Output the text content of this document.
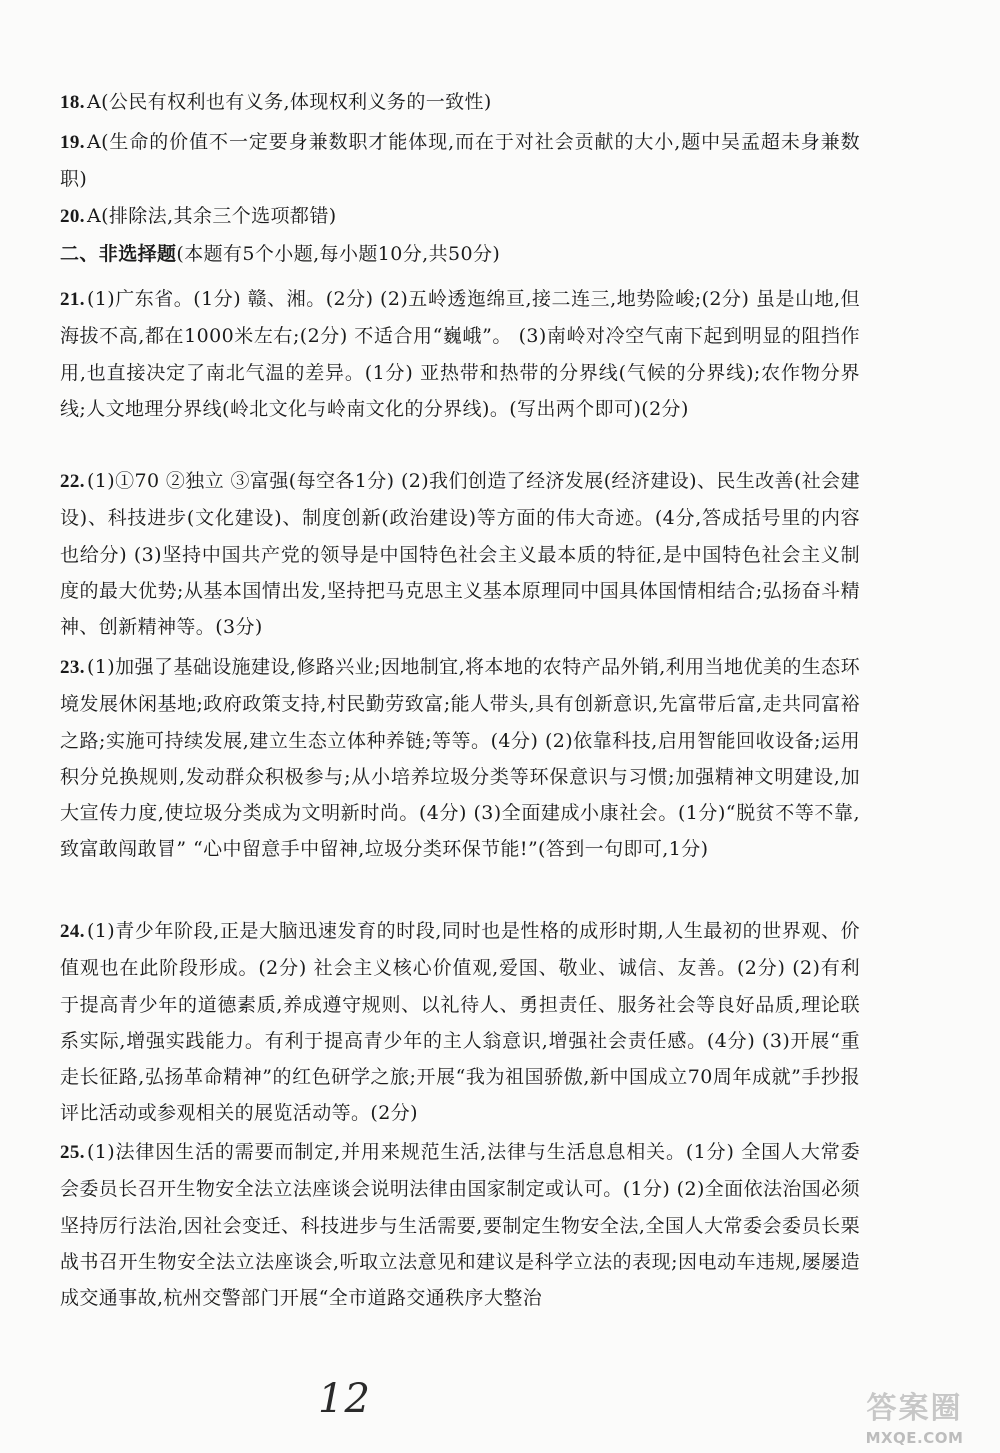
18. A(公民有权利也有义务,体现权利义务的一致性)
19. A(生命的价值不一定要身兼数职才能体现,而在于对社会贡献的大小,题中吴孟超未身兼数职)
20. A(排除法,其余三个选项都错)
二、非选择题(本题有5个小题,每小题10分,共50分)
21. (1)广东省。(1分) 赣、湘。(2分) (2)五岭透迤绵亘,接二连三,地势险峻;(2分) 虽是山地,但海拔不高,都在1000米左右;(2分) 不适合用“巍峨”。 (3)南岭对冷空气南下起到明显的阻挡作用,也直接决定了南北气温的差异。(1分) 亚热带和热带的分界线(气候的分界线);农作物分界线;人文地理分界线(岭北文化与岭南文化的分界线)。(写出两个即可)(2分)
22. (1)①70 ②独立 ③富强(每空各1分) (2)我们创造了经济发展(经济建设)、民生改善(社会建设)、科技进步(文化建设)、制度创新(政治建设)等方面的伟大奇迹。(4分,答成括号里的内容也给分) (3)坚持中国共产党的领导是中国特色社会主义最本质的特征,是中国特色社会主义制度的最大优势;从基本国情出发,坚持把马克思主义基本原理同中国具体国情相结合;弘扬奋斗精神、创新精神等。(3分)
23. (1)加强了基础设施建设,修路兴业;因地制宜,将本地的农特产品外销,利用当地优美的生态环境发展休闲基地;政府政策支持,村民勤劳致富;能人带头,具有创新意识,先富带后富,走共同富裕之路;实施可持续发展,建立生态立体种养链;等等。(4分) (2)依靠科技,启用智能回收设备;运用积分兑换规则,发动群众积极参与;从小培养垃圾分类等环保意识与习惯;加强精神文明建设,加大宣传力度,使垃圾分类成为文明新时尚。(4分) (3)全面建成小康社会。(1分)“脱贫不等不靠,致富敢闯敢冒” “心中留意手中留神,垃圾分类环保节能!”(答到一句即可,1分)
24. (1)青少年阶段,正是大脑迅速发育的时段,同时也是性格的成形时期,人生最初的世界观、价值观也在此阶段形成。(2分) 社会主义核心价值观,爱国、敬业、诚信、友善。(2分) (2)有利于提高青少年的道德素质,养成遵守规则、以礼待人、勇担责任、服务社会等良好品质,理论联系实际,增强实践能力。有利于提高青少年的主人翁意识,增强社会责任感。(4分) (3)开展“重走长征路,弘扬革命精神”的红色研学之旅;开展“我为祖国骄傲,新中国成立70周年成就”手抄报评比活动或参观相关的展览活动等。(2分)
25. (1)法律因生活的需要而制定,并用来规范生活,法律与生活息息相关。(1分) 全国人大常委会委员长召开生物安全法立法座谈会说明法律由国家制定或认可。(1分) (2)全面依法治国必须坚持厉行法治,因社会变迁、科技进步与生活需要,要制定生物安全法,全国人大常委会委员长栗战书召开生物安全法立法座谈会,听取立法意见和建议是科学立法的表现;因电动车违规,屡屡造成交通事故,杭州交警部门开展“全市道路交通秩序大整治
12	答案圈
MXQE.COM
